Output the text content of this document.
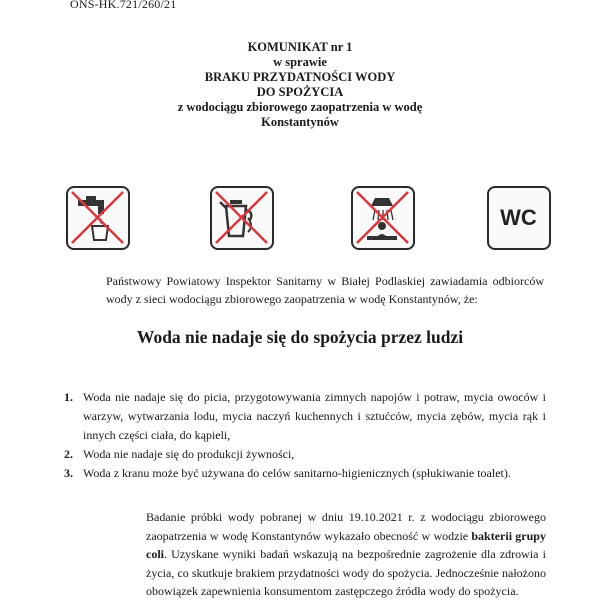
ONS-HK.721/260/21
KOMUNIKAT nr 1
w sprawie
BRAKU PRZYDATNOŚCI WODY
DO SPOŻYCIA
z wodociągu zbiorowego zaopatrzenia w wodę
Konstantynów
WC
Państwowy Powiatowy Inspektor Sanitarny w Białej Podlaskiej zawiadamia odbiorców wody z sieci wodociągu zbiorowego zaopatrzenia w wodę Konstantynów, że:
Woda nie nadaje się do spożycia przez ludzi
1. Woda nie nadaje się do picia, przygotowywania zimnych napojów i potraw, mycia owoców i warzyw, wytwarzania lodu, mycia naczyń kuchennych i sztućców, mycia zębów, mycia rąk i innych części ciała, do kąpieli,
2. Woda nie nadaje się do produkcji żywności,
3. Woda z kranu może być używana do celów sanitarno-higienicznych (spłukiwanie toalet).
Badanie próbki wody pobranej w dniu 19.10.2021 r. z wodociągu zbiorowego zaopatrzenia w wodę Konstantynów wykazało obecność w wodzie bakterii grupy coli. Uzyskane wyniki badań wskazują na bezpośrednie zagrożenie dla zdrowia i życia, co skutkuje brakiem przydatności wody do spożycia. Jednocześnie nałożono obowiązek zapewnienia konsumentom zastępczego źródła wody do spożycia.
